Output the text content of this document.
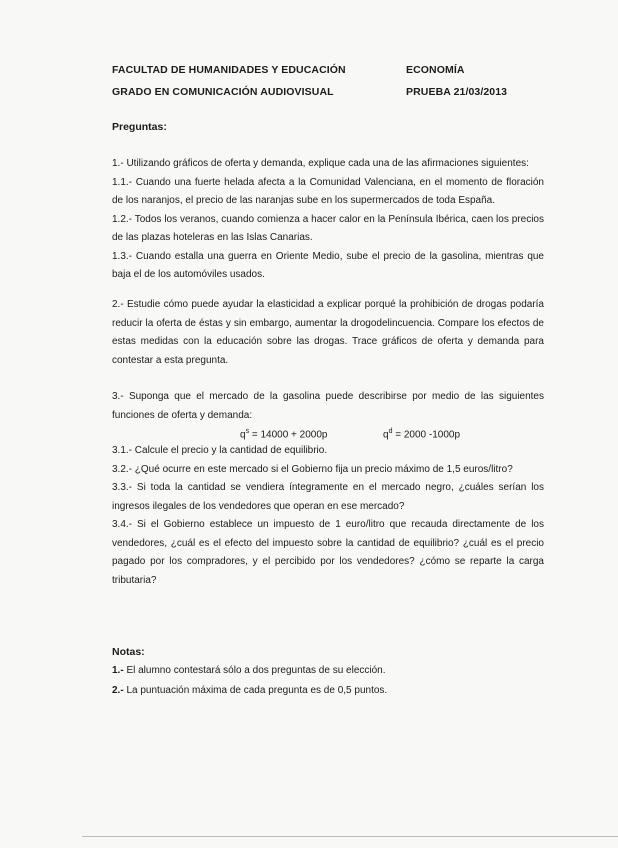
FACULTAD DE HUMANIDADES Y EDUCACIÓN
GRADO EN COMUNICACIÓN AUDIOVISUAL
ECONOMÍA
PRUEBA 21/03/2013
Preguntas:
1.- Utilizando gráficos de oferta y demanda, explique cada una de las afirmaciones siguientes:
1.1.- Cuando una fuerte helada afecta a la Comunidad Valenciana, en el momento de floración de los naranjos, el precio de las naranjas sube en los supermercados de toda España.
1.2.- Todos los veranos, cuando comienza a hacer calor en la Península Ibérica, caen los precios de las plazas hoteleras en las Islas Canarias.
1.3.- Cuando estalla una guerra en Oriente Medio, sube el precio de la gasolina, mientras que baja el de los automóviles usados.
2.- Estudie cómo puede ayudar la elasticidad a explicar porqué la prohibición de drogas podaría reducir la oferta de éstas y sin embargo, aumentar la drogodelincuencia. Compare los efectos de estas medidas con la educación sobre las drogas. Trace gráficos de oferta y demanda para contestar a esta pregunta.
3.- Suponga que el mercado de la gasolina puede describirse por medio de las siguientes funciones de oferta y demanda:
$q^s = 14000 + 2000p$	$q^d = 2000$ -1000p
3.1.- Calcule el precio y la cantidad de equilibrio.
3.2.- ¿Qué ocurre en este mercado si el Gobierno fija un precio máximo de 1,5 euros/litro?
3.3.- Si toda la cantidad se vendiera íntegramente en el mercado negro, ¿cuáles serían los ingresos ilegales de los vendedores que operan en ese mercado?
3.4.- Si el Gobierno establece un impuesto de 1 euro/litro que recauda directamente de los vendedores, ¿cuál es el efecto del impuesto sobre la cantidad de equilibrio? ¿cuál es el precio pagado por los compradores, y el percibido por los vendedores? ¿cómo se reparte la carga tributaria?
Notas:
1.- El alumno contestará sólo a dos preguntas de su elección.
2.- La puntuación máxima de cada pregunta es de 0,5 puntos.
